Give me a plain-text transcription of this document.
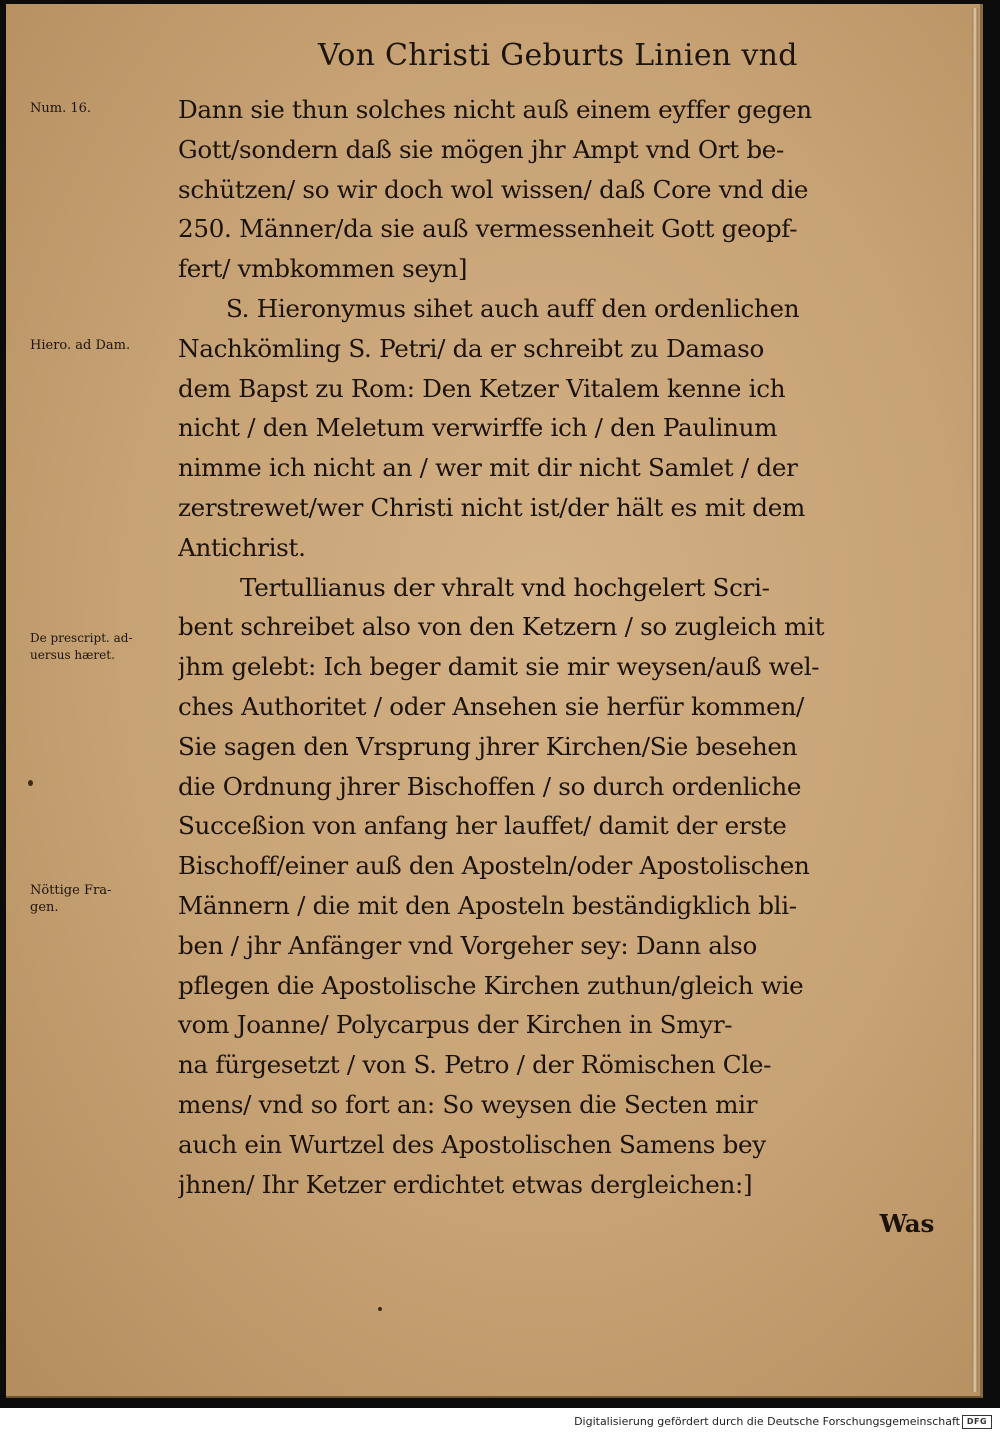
Von Christi Geburts Linien vnd
Num. 16.
Hiero. ad Dam.
De prescript. ad-
uersus hæret.
Nöttige Fra-
gen.
Dann sie thun solches nicht auß einem eyffer gegen
Gott/sondern daß sie mögen jhr Ampt vnd Ort be-
schützen/ so wir doch wol wissen/ daß Core vnd die
250. Männer/da sie auß vermessenheit Gott geopf-
fert/ vmbkommen seyn]
S. Hieronymus sihet auch auff den ordenlichen
Nachkömling S. Petri/ da er schreibt zu Damaso
dem Bapst zu Rom: Den Ketzer Vitalem kenne ich
nicht / den Meletum verwirffe ich / den Paulinum
nimme ich nicht an / wer mit dir nicht Samlet / der
zerstrewet/wer Christi nicht ist/der hält es mit dem
Antichrist.
Tertullianus der vhralt vnd hochgelert Scri-
bent schreibet also von den Ketzern / so zugleich mit
jhm gelebt: Ich beger damit sie mir weysen/auß wel-
ches Authoritet / oder Ansehen sie herfür kommen/
Sie sagen den Vrsprung jhrer Kirchen/Sie besehen
die Ordnung jhrer Bischoffen / so durch ordenliche
Succeßion von anfang her lauffet/ damit der erste
Bischoff/einer auß den Aposteln/oder Apostolischen
Männern / die mit den Aposteln beständigklich bli-
ben / jhr Anfänger vnd Vorgeher sey: Dann also
pflegen die Apostolische Kirchen zuthun/gleich wie
vom Joanne/ Polycarpus der Kirchen in Smyr-
na fürgesetzt / von S. Petro / der Römischen Cle-
mens/ vnd so fort an: So weysen die Secten mir
auch ein Wurtzel des Apostolischen Samens bey
jhnen/ Ihr Ketzer erdichtet etwas dergleichen:]
Was
Digitalisierung gefördert durch die Deutsche Forschungsgemeinschaft DFG
